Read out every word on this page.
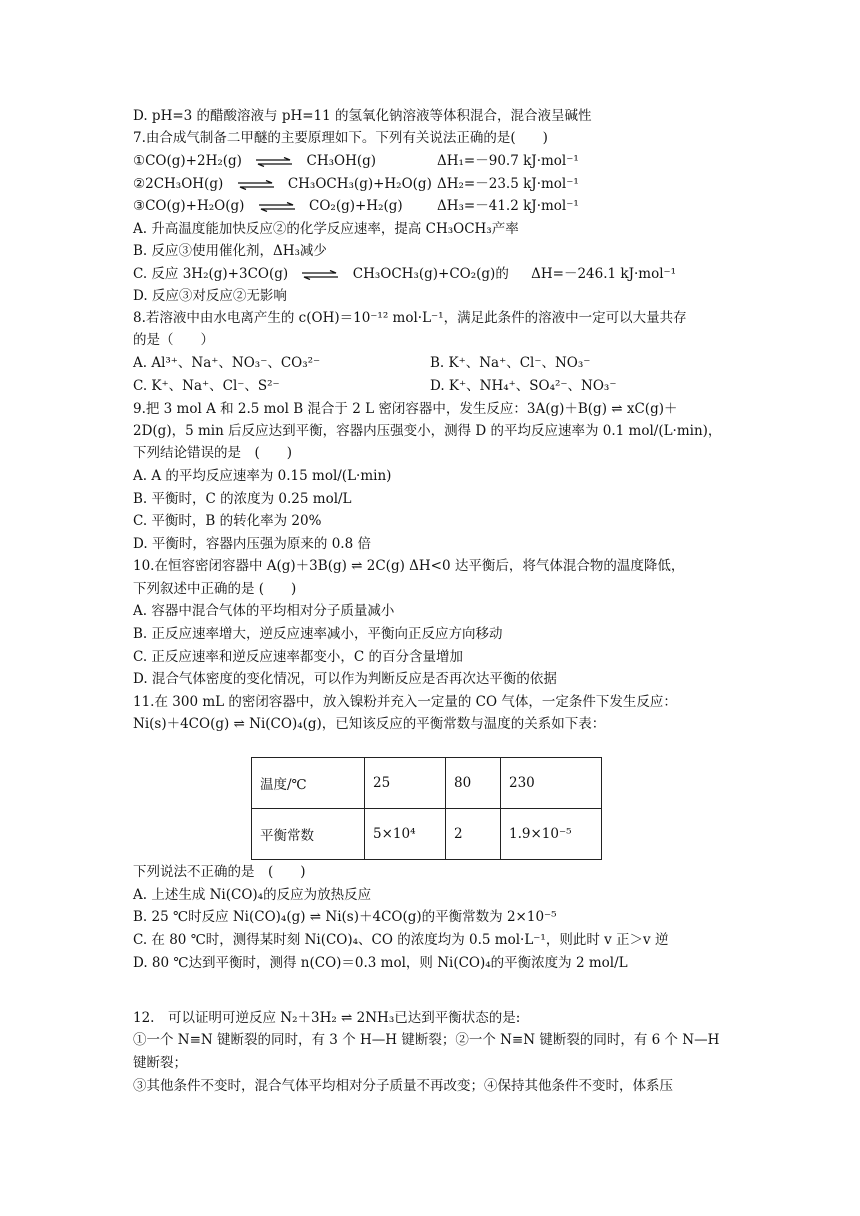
D. pH=3 的醋酸溶液与 pH=11 的氢氧化钠溶液等体积混合，混合液呈碱性
7.由合成气制备二甲醚的主要原理如下。下列有关说法正确的是(　　)
A. 升高温度能加快反应②的化学反应速率，提高 CH₃OCH₃产率
B. 反应③使用催化剂，ΔH₃减少
D. 反应③对反应②无影响
8.若溶液中由水电离产生的 c(OH)＝10⁻¹² mol·L⁻¹，满足此条件的溶液中一定可以大量共存
的是（　　）
9.把 3 mol A 和 2.5 mol B 混合于 2 L 密闭容器中，发生反应：3A(g)＋B(g) ⇌ xC(g)＋
2D(g)，5 min 后反应达到平衡，容器内压强变小，测得 D 的平均反应速率为 0.1 mol/(L·min)，
下列结论错误的是　(　　)
A. A 的平均反应速率为 0.15 mol/(L·min)
B. 平衡时，C 的浓度为 0.25 mol/L
C. 平衡时，B 的转化率为 20%
D. 平衡时，容器内压强为原来的 0.8 倍
10.在恒容密闭容器中 A(g)＋3B(g) ⇌ 2C(g) ΔH<0 达平衡后，将气体混合物的温度降低，
下列叙述中正确的是 (　　)
A. 容器中混合气体的平均相对分子质量减小
B. 正反应速率增大，逆反应速率减小，平衡向正反应方向移动
C. 正反应速率和逆反应速率都变小，C 的百分含量增加
D. 混合气体密度的变化情况，可以作为判断反应是否再次达平衡的依据
11.在 300 mL 的密闭容器中，放入镍粉并充入一定量的 CO 气体，一定条件下发生反应：
Ni(s)＋4CO(g) ⇌ Ni(CO)₄(g)，已知该反应的平衡常数与温度的关系如下表：
下列说法不正确的是　(　　)
A. 上述生成 Ni(CO)₄的反应为放热反应
B. 25 ℃时反应 Ni(CO)₄(g) ⇌ Ni(s)＋4CO(g)的平衡常数为 2×10⁻⁵
C. 在 80 ℃时，测得某时刻 Ni(CO)₄、CO 的浓度均为 0.5 mol·L⁻¹，则此时 v 正＞v 逆
D. 80 ℃达到平衡时，测得 n(CO)＝0.3 mol，则 Ni(CO)₄的平衡浓度为 2 mol/L
12.　可以证明可逆反应 N₂＋3H₂ ⇌ 2NH₃已达到平衡状态的是:
①一个 N≡N 键断裂的同时，有 3 个 H—H 键断裂；②一个 N≡N 键断裂的同时，有 6 个 N—H
键断裂；
③其他条件不变时，混合气体平均相对分子质量不再改变；④保持其他条件不变时，体系压
①CO(g)+2H₂(g) ⇌ CH₃OH(g)	ΔH₁=－90.7 kJ·mol⁻¹
②2CH₃OH(g) ⇌ CH₃OCH₃(g)+H₂O(g) ΔH₂=－23.5 kJ·mol⁻¹
③CO(g)+H₂O(g) ⇌ CO₂(g)+H₂(g)	ΔH₃=－41.2 kJ·mol⁻¹
C. 反应 3H₂(g)+3CO(g) ⇌ CH₃OCH₃(g)+CO₂(g)的 ΔH=－246.1 kJ·mol⁻¹
A. Al³⁺、Na⁺、NO₃⁻、CO₃²⁻	B. K⁺、Na⁺、Cl⁻、NO₃⁻
C. K⁺、Na⁺、Cl⁻、S²⁻	D. K⁺、NH₄⁺、SO₄²⁻、NO₃⁻
温度/℃	25	80	230
平衡常数	5×10⁴	2	1.9×10⁻⁵
